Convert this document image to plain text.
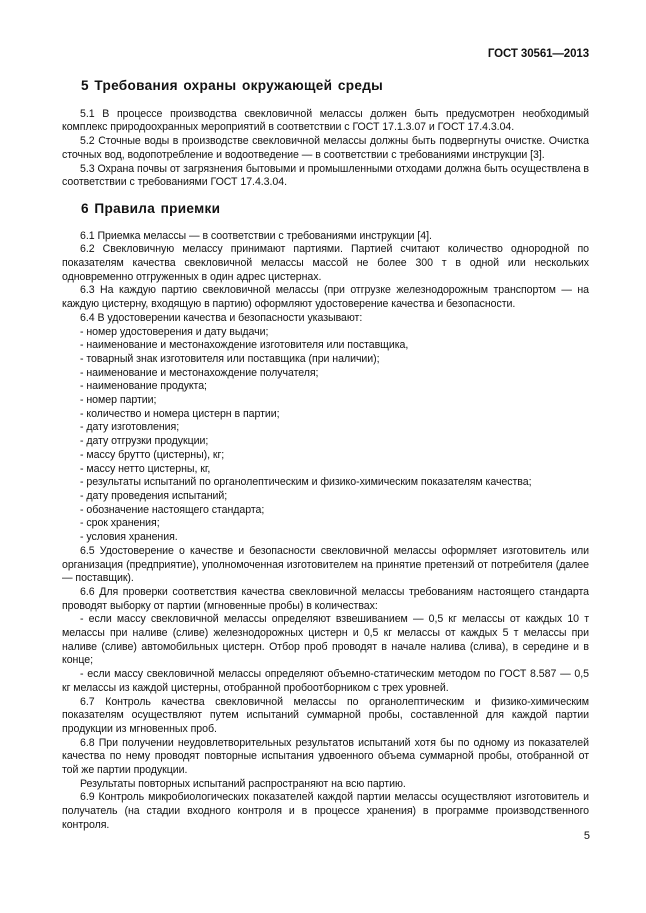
ГОСТ 30561—2013
5 Требования охраны окружающей среды

5.1 В процессе производства свекловичной мелассы должен быть предусмотрен необходимый комплекс природоохранных мероприятий в соответствии с ГОСТ 17.1.3.07 и ГОСТ 17.4.3.04.

5.2 Сточные воды в производстве свекловичной мелассы должны быть подвергнуты очистке. Очистка сточных вод, водопотребление и водоотведение — в соответствии с требованиями инструкции [3].

5.3 Охрана почвы от загрязнения бытовыми и промышленными отходами должна быть осуществлена в соответствии с требованиями ГОСТ 17.4.3.04.

6 Правила приемки

6.1 Приемка мелассы — в соответствии с требованиями инструкции [4].

6.2 Свекловичную мелассу принимают партиями. Партией считают количество однородной по показателям качества свекловичной мелассы массой не более 300 т в одной или нескольких одновременно отгруженных в один адрес цистернах.

6.3 На каждую партию свекловичной мелассы (при отгрузке железнодорожным транспортом — на каждую цистерну, входящую в партию) оформляют удостоверение качества и безопасности.

6.4 В удостоверении качества и безопасности указывают:

- номер удостоверения и дату выдачи;

- наименование и местонахождение изготовителя или поставщика,

- товарный знак изготовителя или поставщика (при наличии);

- наименование и местонахождение получателя;

- наименование продукта;

- номер партии;

- количество и номера цистерн в партии;

- дату изготовления;

- дату отгрузки продукции;

- массу брутто (цистерны), кг;

- массу нетто цистерны, кг,

- результаты испытаний по органолептическим и физико-химическим показателям качества;

- дату проведения испытаний;

- обозначение настоящего стандарта;

- срок хранения;

- условия хранения.

6.5 Удостоверение о качестве и безопасности свекловичной мелассы оформляет изготовитель или организация (предприятие), уполномоченная изготовителем на принятие претензий от потребителя (далее — поставщик).

6.6 Для проверки соответствия качества свекловичной мелассы требованиям настоящего стандарта проводят выборку от партии (мгновенные пробы) в количествах:

- если массу свекловичной мелассы определяют взвешиванием — 0,5 кг мелассы от каждых 10 т мелассы при наливе (сливе) железнодорожных цистерн и 0,5 кг мелассы от каждых 5 т мелассы при наливе (сливе) автомобильных цистерн. Отбор проб проводят в начале налива (слива), в середине и в конце;

- если массу свекловичной мелассы определяют объемно-статическим методом по ГОСТ 8.587 — 0,5 кг мелассы из каждой цистерны, отобранной пробоотборником с трех уровней.

6.7 Контроль качества свекловичной мелассы по органолептическим и физико-химическим показателям осуществляют путем испытаний суммарной пробы, составленной для каждой партии продукции из мгновенных проб.

6.8 При получении неудовлетворительных результатов испытаний хотя бы по одному из показателей качества по нему проводят повторные испытания удвоенного объема суммарной пробы, отобранной от той же партии продукции.

Результаты повторных испытаний распространяют на всю партию.

6.9 Контроль микробиологических показателей каждой партии мелассы осуществляют изготовитель и получатель (на стадии входного контроля и в процессе хранения) в программе производственного контроля.

5
